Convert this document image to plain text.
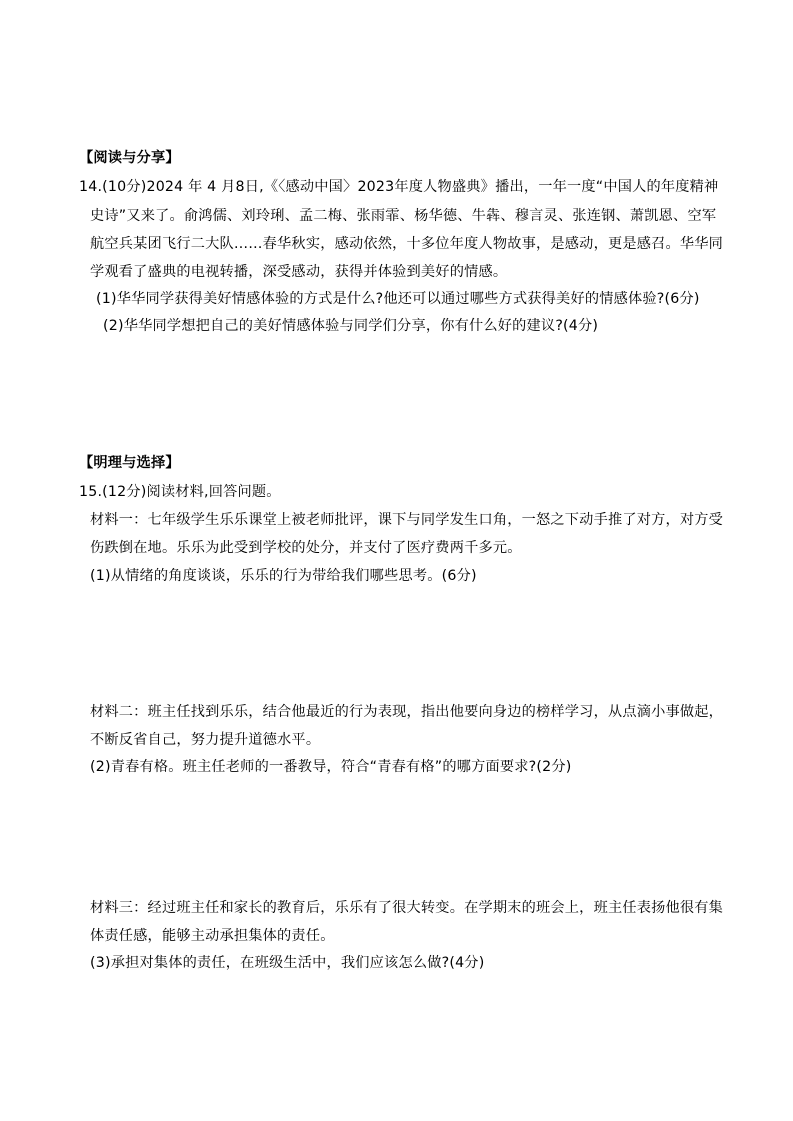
【阅读与分享】
14.(10分)2024 年 4 月8日,《〈感动中国〉2023年度人物盛典》播出，一年一度“中国人的年度精神
史诗”又来了。俞鸿儒、刘玲琍、孟二梅、张雨霏、杨华德、牛犇、穆言灵、张连钢、萧凯恩、空军
航空兵某团飞行二大队……春华秋实，感动依然，十多位年度人物故事，是感动，更是感召。华华同
学观看了盛典的电视转播，深受感动，获得并体验到美好的情感。
(1)华华同学获得美好情感体验的方式是什么?他还可以通过哪些方式获得美好的情感体验?(6分)
(2)华华同学想把自己的美好情感体验与同学们分享，你有什么好的建议?(4分)
【明理与选择】
15.(12分)阅读材料,回答问题。
材料一：七年级学生乐乐课堂上被老师批评，课下与同学发生口角，一怒之下动手推了对方，对方受
伤跌倒在地。乐乐为此受到学校的处分，并支付了医疗费两千多元。
(1)从情绪的角度谈谈，乐乐的行为带给我们哪些思考。(6分)
材料二：班主任找到乐乐，结合他最近的行为表现，指出他要向身边的榜样学习，从点滴小事做起，
不断反省自己，努力提升道德水平。
(2)青春有格。班主任老师的一番教导，符合“青春有格”的哪方面要求?(2分)
材料三：经过班主任和家长的教育后，乐乐有了很大转变。在学期末的班会上，班主任表扬他很有集
体责任感，能够主动承担集体的责任。
(3)承担对集体的责任，在班级生活中，我们应该怎么做?(4分)
